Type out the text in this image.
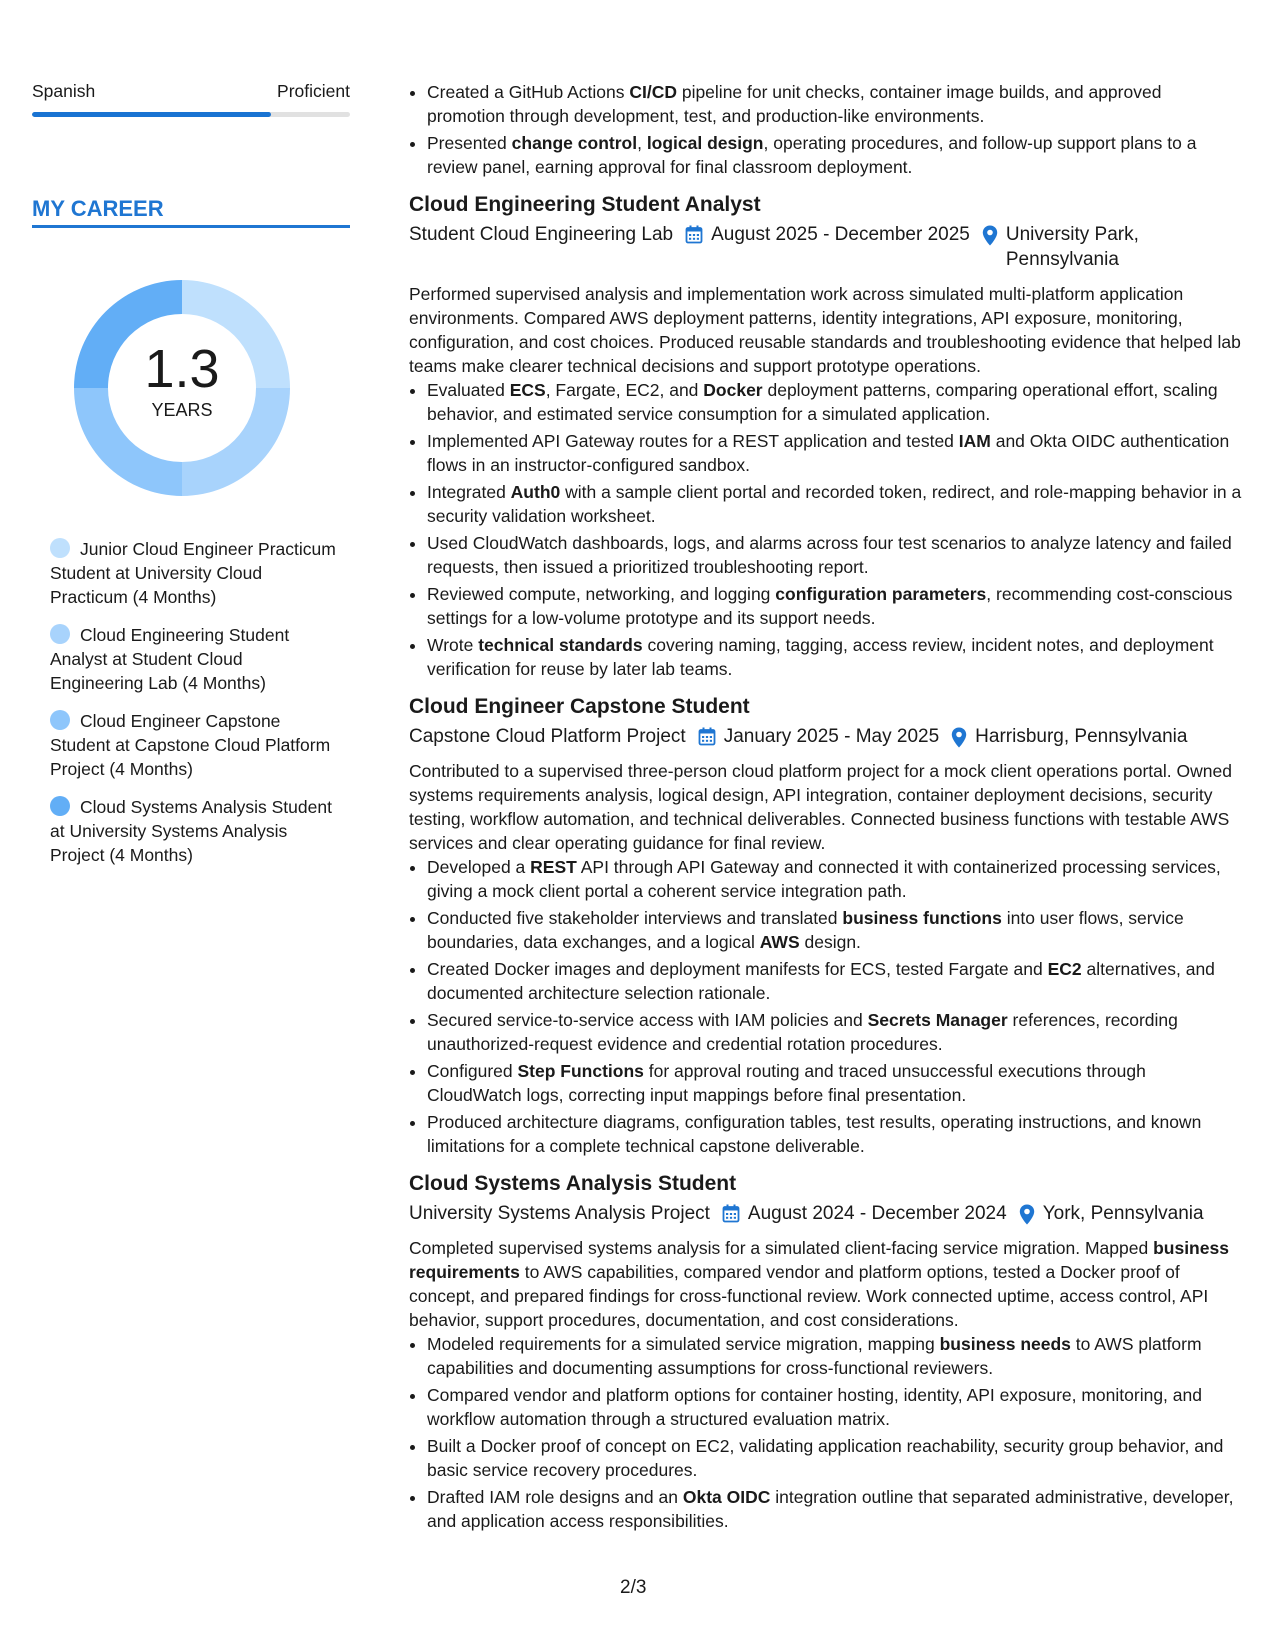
Spanish	Proficient
MY CAREER
1.3
YEARS
Junior Cloud Engineer Practicum Student at University Cloud Practicum (4 Months)
Cloud Engineering Student Analyst at Student Cloud Engineering Lab (4 Months)
Cloud Engineer Capstone Student at Capstone Cloud Platform Project (4 Months)
Cloud Systems Analysis Student at University Systems Analysis Project (4 Months)
• Created a GitHub Actions CI/CD pipeline for unit checks, container image builds, and approved promotion through development, test, and production-like environments.
• Presented change control, logical design, operating procedures, and follow-up support plans to a review panel, earning approval for final classroom deployment.
Cloud Engineering Student Analyst
Student Cloud Engineering Lab August 2025 - December 2025 University Park, Pennsylvania

Performed supervised analysis and implementation work across simulated multi-platform application environments. Compared AWS deployment patterns, identity integrations, API exposure, monitoring, configuration, and cost choices. Produced reusable standards and troubleshooting evidence that helped lab teams make clearer technical decisions and support prototype operations.

• Evaluated ECS, Fargate, EC2, and Docker deployment patterns, comparing operational effort, scaling behavior, and estimated service consumption for a simulated application.
• Implemented API Gateway routes for a REST application and tested IAM and Okta OIDC authentication flows in an instructor-configured sandbox.
• Integrated Auth0 with a sample client portal and recorded token, redirect, and role-mapping behavior in a security validation worksheet.
• Used CloudWatch dashboards, logs, and alarms across four test scenarios to analyze latency and failed requests, then issued a prioritized troubleshooting report.
• Reviewed compute, networking, and logging configuration parameters, recommending cost-conscious settings for a low-volume prototype and its support needs.
• Wrote technical standards covering naming, tagging, access review, incident notes, and deployment verification for reuse by later lab teams.
Cloud Engineer Capstone Student
Capstone Cloud Platform Project January 2025 - May 2025 Harrisburg, Pennsylvania

Contributed to a supervised three-person cloud platform project for a mock client operations portal. Owned systems requirements analysis, logical design, API integration, container deployment decisions, security testing, workflow automation, and technical deliverables. Connected business functions with testable AWS services and clear operating guidance for final review.

• Developed a REST API through API Gateway and connected it with containerized processing services, giving a mock client portal a coherent service integration path.
• Conducted five stakeholder interviews and translated business functions into user flows, service boundaries, data exchanges, and a logical AWS design.
• Created Docker images and deployment manifests for ECS, tested Fargate and EC2 alternatives, and documented architecture selection rationale.
• Secured service-to-service access with IAM policies and Secrets Manager references, recording unauthorized-request evidence and credential rotation procedures.
• Configured Step Functions for approval routing and traced unsuccessful executions through CloudWatch logs, correcting input mappings before final presentation.
• Produced architecture diagrams, configuration tables, test results, operating instructions, and known limitations for a complete technical capstone deliverable.
Cloud Systems Analysis Student
University Systems Analysis Project August 2024 - December 2024 York, Pennsylvania

Completed supervised systems analysis for a simulated client-facing service migration. Mapped business requirements to AWS capabilities, compared vendor and platform options, tested a Docker proof of concept, and prepared findings for cross-functional review. Work connected uptime, access control, API behavior, support procedures, documentation, and cost considerations.

• Modeled requirements for a simulated service migration, mapping business needs to AWS platform capabilities and documenting assumptions for cross-functional reviewers.
• Compared vendor and platform options for container hosting, identity, API exposure, monitoring, and workflow automation through a structured evaluation matrix.
• Built a Docker proof of concept on EC2, validating application reachability, security group behavior, and basic service recovery procedures.
• Drafted IAM role designs and an Okta OIDC integration outline that separated administrative, developer, and application access responsibilities.
2/3
